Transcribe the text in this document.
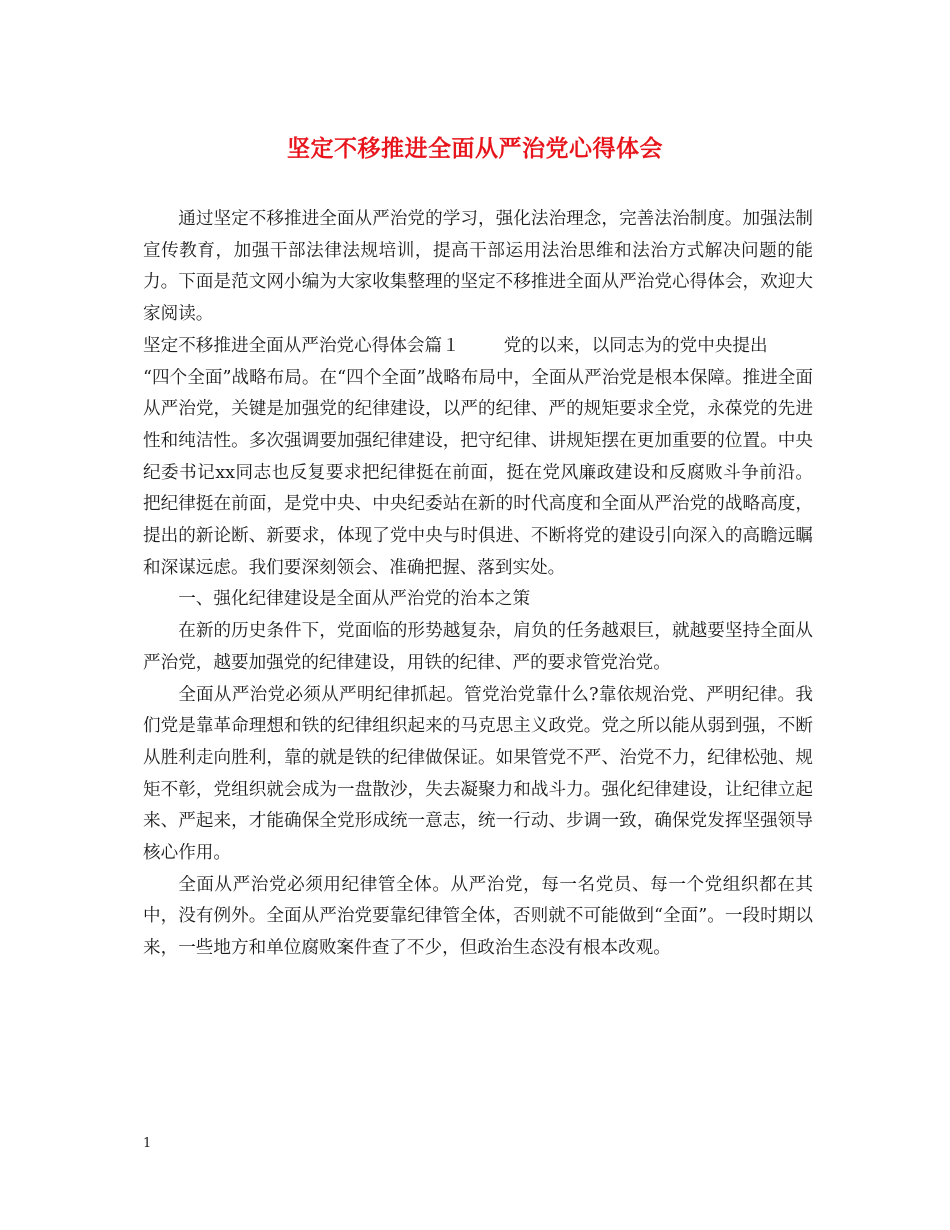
坚定不移推进全面从严治党心得体会

通过坚定不移推进全面从严治党的学习，强化法治理念，完善法治制度。加强法制宣传教育，加强干部法律法规培训，提高干部运用法治思维和法治方式解决问题的能力。下面是范文网小编为大家收集整理的坚定不移推进全面从严治党心得体会，欢迎大家阅读。

坚定不移推进全面从严治党心得体会篇１	党的以来，以同志为的党中央提出

“四个全面”战略布局。在“四个全面”战略布局中，全面从严治党是根本保障。推进全面从严治党，关键是加强党的纪律建设，以严的纪律、严的规矩要求全党，永葆党的先进性和纯洁性。多次强调要加强纪律建设，把守纪律、讲规矩摆在更加重要的位置。中央纪委书记xx同志也反复要求把纪律挺在前面，挺在党风廉政建设和反腐败斗争前沿。把纪律挺在前面，是党中央、中央纪委站在新的时代高度和全面从严治党的战略高度，提出的新论断、新要求，体现了党中央与时俱进、不断将党的建设引向深入的高瞻远瞩和深谋远虑。我们要深刻领会、准确把握、落到实处。

一、强化纪律建设是全面从严治党的治本之策

在新的历史条件下，党面临的形势越复杂，肩负的任务越艰巨，就越要坚持全面从严治党，越要加强党的纪律建设，用铁的纪律、严的要求管党治党。

全面从严治党必须从严明纪律抓起。管党治党靠什么?靠依规治党、严明纪律。我们党是靠革命理想和铁的纪律组织起来的马克思主义政党。党之所以能从弱到强，不断从胜利走向胜利，靠的就是铁的纪律做保证。如果管党不严、治党不力，纪律松弛、规矩不彰，党组织就会成为一盘散沙，失去凝聚力和战斗力。强化纪律建设，让纪律立起来、严起来，才能确保全党形成统一意志，统一行动、步调一致，确保党发挥坚强领导核心作用。

全面从严治党必须用纪律管全体。从严治党，每一名党员、每一个党组织都在其中，没有例外。全面从严治党要靠纪律管全体，否则就不可能做到“全面”。一段时期以来，一些地方和单位腐败案件查了不少，但政治生态没有根本改观。

1
